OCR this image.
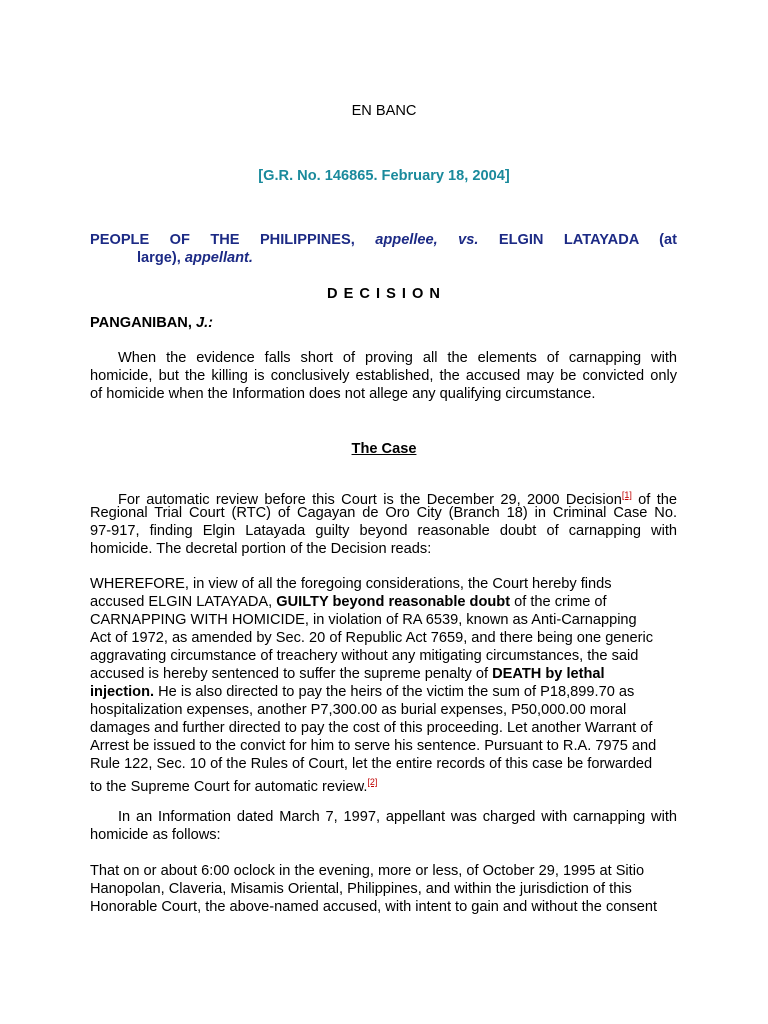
EN BANC
[G.R. No. 146865. February 18, 2004]
PEOPLE OF THE PHILIPPINES, appellee, vs. ELGIN LATAYADA (at
large), appellant.
D E C I S I O N
PANGANIBAN, J.:
When the evidence falls short of proving all the elements of carnapping with
homicide, but the killing is conclusively established, the accused may be convicted only
of homicide when the Information does not allege any qualifying circumstance.
The Case
For automatic review before this Court is the December 29, 2000 Decision[1] of the
Regional Trial Court (RTC) of Cagayan de Oro City (Branch 18) in Criminal Case No.
97-917, finding Elgin Latayada guilty beyond reasonable doubt of carnapping with
homicide. The decretal portion of the Decision reads:
WHEREFORE, in view of all the foregoing considerations, the Court hereby finds
accused ELGIN LATAYADA, GUILTY beyond reasonable doubt of the crime of
CARNAPPING WITH HOMICIDE, in violation of RA 6539, known as Anti-Carnapping
Act of 1972, as amended by Sec. 20 of Republic Act 7659, and there being one generic
aggravating circumstance of treachery without any mitigating circumstances, the said
accused is hereby sentenced to suffer the supreme penalty of DEATH by lethal
injection. He is also directed to pay the heirs of the victim the sum of P18,899.70 as
hospitalization expenses, another P7,300.00 as burial expenses, P50,000.00 moral
damages and further directed to pay the cost of this proceeding. Let another Warrant of
Arrest be issued to the convict for him to serve his sentence. Pursuant to R.A. 7975 and
Rule 122, Sec. 10 of the Rules of Court, let the entire records of this case be forwarded
to the Supreme Court for automatic review.[2]
In an Information dated March 7, 1997, appellant was charged with carnapping with
homicide as follows:
That on or about 6:00 oclock in the evening, more or less, of October 29, 1995 at Sitio
Hanopolan, Claveria, Misamis Oriental, Philippines, and within the jurisdiction of this
Honorable Court, the above-named accused, with intent to gain and without the consent
